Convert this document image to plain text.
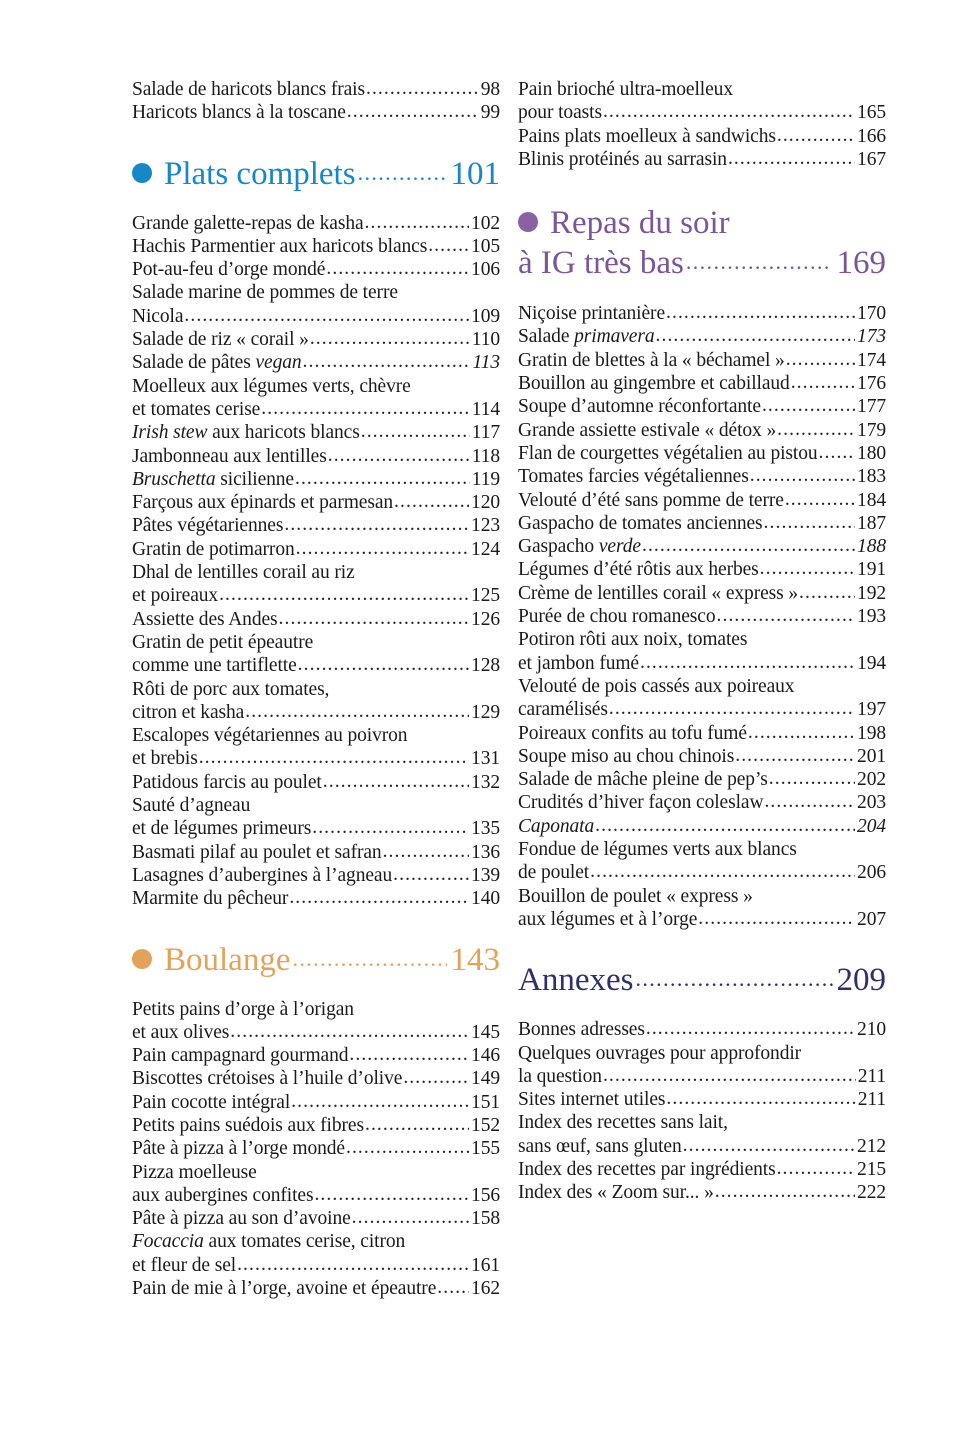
Salade de haricots blancs frais .....	98
Haricots blancs à la toscane .....	99
Plats complets .....	101
Grande galette-repas de kasha .....	102
Hachis Parmentier aux haricots blancs ..... 105
Pot-au-feu d’orge mondé .....	106
Salade marine de pommes de terre
Nicola .....	109
Salade de riz « corail » .....	110
Salade de pâtes vegan .....	113
Moelleux aux légumes verts, chèvre
et tomates cerise .....	114
Irish stew aux haricots blancs .....	117
Jambonneau aux lentilles .....	118
Bruschetta sicilienne .....	119
Farçous aux épinards et parmesan .....	120
Pâtes végétariennes .....	123
Gratin de potimarron .....	124
Dhal de lentilles corail au riz
et poireaux .....	125
Assiette des Andes .....	126
Gratin de petit épeautre
comme une tartiflette .....	128
Rôti de porc aux tomates,
citron et kasha .....	129
Escalopes végétariennes au poivron
et brebis .....	131
Patidous farcis au poulet .....	132
Sauté d’agneau
et de légumes primeurs .....	135
Basmati pilaf au poulet et safran .....	136
Lasagnes d’aubergines à l’agneau .....	139
Marmite du pêcheur .....	140
Boulange .....	143
Petits pains d’orge à l’origan
et aux olives .....	145
Pain campagnard gourmand .....	146
Biscottes crétoises à l’huile d’olive .....	149
Pain cocotte intégral .....	151
Petits pains suédois aux fibres .....	152
Pâte à pizza à l’orge mondé .....	155
Pizza moelleuse
aux aubergines confites .....	156
Pâte à pizza au son d’avoine .....	158
Focaccia aux tomates cerise, citron
et fleur de sel .....	161
Pain de mie à l’orge, avoine et épeautre ..... 162
Pain brioché ultra-moelleux
pour toasts .....	165
Pains plats moelleux à sandwichs .....	166
Blinis protéinés au sarrasin .....	167
Repas du soir
à IG très bas .....	169
Niçoise printanière .....	170
Salade primavera .....	173
Gratin de blettes à la « béchamel » .....	174
Bouillon au gingembre et cabillaud .....	176
Soupe d’automne réconfortante .....	177
Grande assiette estivale « détox » .....	179
Flan de courgettes végétalien au pistou ..... 180
Tomates farcies végétaliennes .....	183
Velouté d’été sans pomme de terre .....	184
Gaspacho de tomates anciennes .....	187
Gaspacho verde .....	188
Légumes d’été rôtis aux herbes .....	191
Crème de lentilles corail « express » .....	192
Purée de chou romanesco .....	193
Potiron rôti aux noix, tomates
et jambon fumé .....	194
Velouté de pois cassés aux poireaux
caramélisés .....	197
Poireaux confits au tofu fumé .....	198
Soupe miso au chou chinois .....	201
Salade de mâche pleine de pep’s .....	202
Crudités d’hiver façon coleslaw .....	203
Caponata .....	204
Fondue de légumes verts aux blancs
de poulet .....	206
Bouillon de poulet « express »
aux légumes et à l’orge .....	207
Annexes .....	209
Bonnes adresses .....	210
Quelques ouvrages pour approfondir
la question .....	211
Sites internet utiles .....	211
Index des recettes sans lait,
sans œuf, sans gluten .....	212
Index des recettes par ingrédients .....	215
Index des « Zoom sur... » .....	222
